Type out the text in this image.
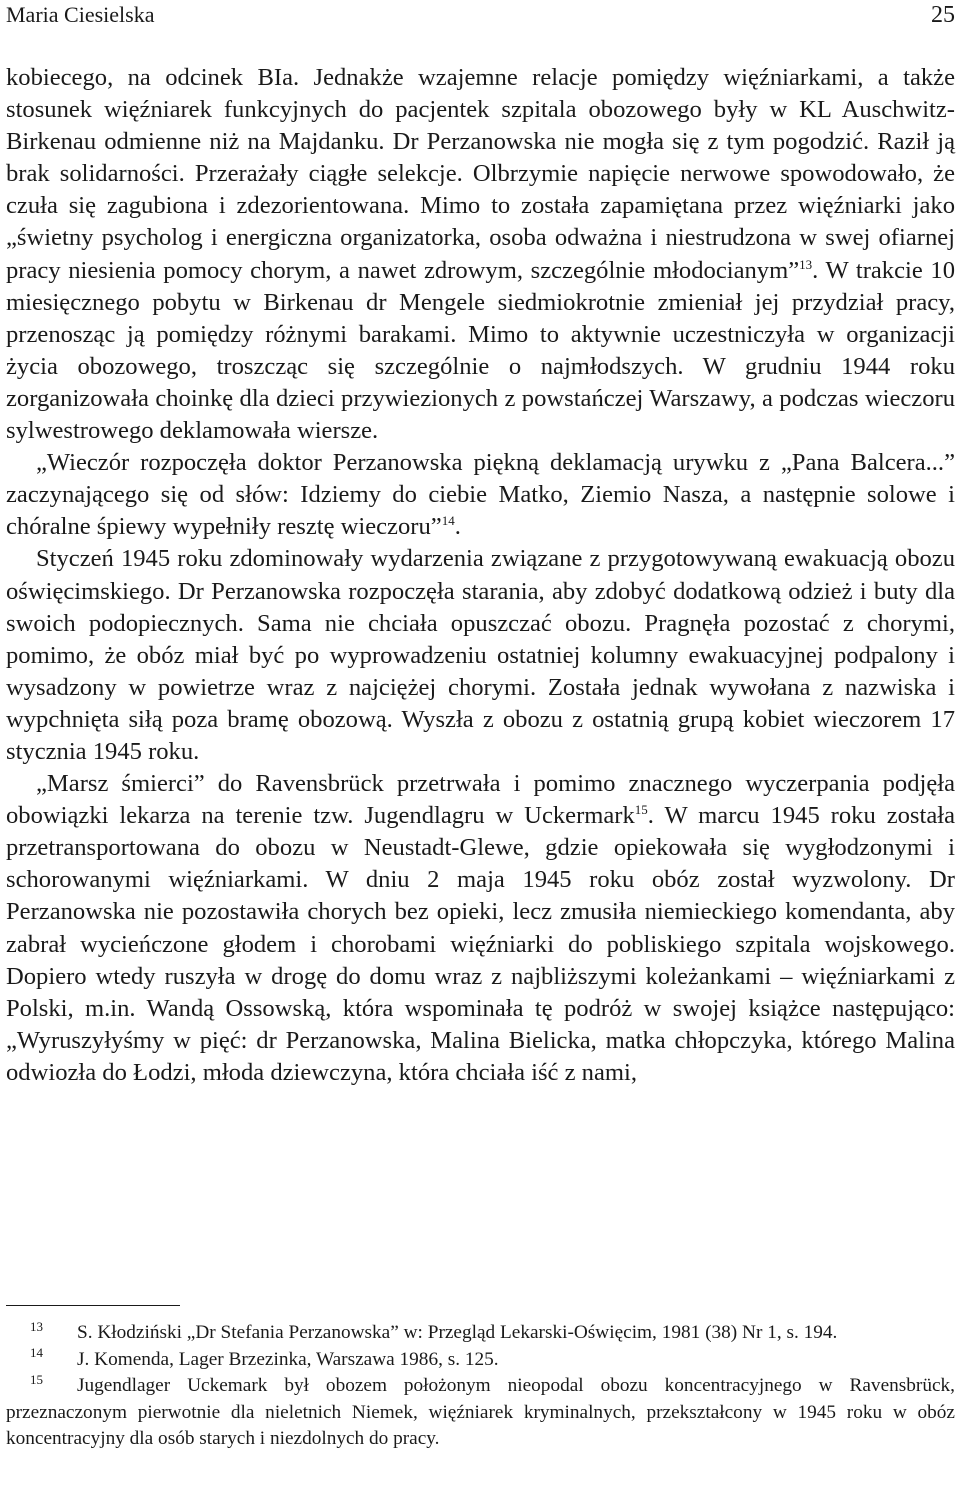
Maria Ciesielska	25

kobiecego, na odcinek BIa. Jednakże wzajemne relacje pomiędzy więźniarkami, a także stosunek więźniarek funkcyjnych do pacjentek szpitala obozowego były w KL Auschwitz-Birkenau odmienne niż na Majdanku. Dr Perzanowska nie mogła się z tym pogodzić. Raził ją brak solidarności. Przerażały ciągłe selekcje. Olbrzymie napięcie nerwowe spowodowało, że czuła się zagubiona i zdezorientowana. Mimo to została zapamiętana przez więźniarki jako „świetny psycholog i energiczna organizatorka, osoba odważna i niestrudzona w swej ofiarnej pracy niesienia pomocy chorym, a nawet zdrowym, szczególnie młodocianym”$^{13}$. W trakcie 10 miesięcznego pobytu w Birkenau dr Mengele siedmiokrotnie zmieniał jej przydział pracy, przenosząc ją pomiędzy różnymi barakami. Mimo to aktywnie uczestniczyła w organizacji życia obozowego, troszcząc się szczególnie o najmłodszych. W grudniu 1944 roku zorganizowała choinkę dla dzieci przywiezionych z powstańczej Warszawy, a podczas wieczoru sylwestrowego deklamowała wiersze.

„Wieczór rozpoczęła doktor Perzanowska piękną deklamacją urywku z „Pana Balcera...” zaczynającego się od słów: Idziemy do ciebie Matko, Ziemio Nasza, a następnie solowe i chóralne śpiewy wypełniły resztę wieczoru”$^{14}$.

Styczeń 1945 roku zdominowały wydarzenia związane z przygotowywaną ewakuacją obozu oświęcimskiego. Dr Perzanowska rozpoczęła starania, aby zdobyć dodatkową odzież i buty dla swoich podopiecznych. Sama nie chciała opuszczać obozu. Pragnęła pozostać z chorymi, pomimo, że obóz miał być po wyprowadzeniu ostatniej kolumny ewakuacyjnej podpalony i wysadzony w powietrze wraz z najciężej chorymi. Została jednak wywołana z nazwiska i wypchnięta siłą poza bramę obozową. Wyszła z obozu z ostatnią grupą kobiet wieczorem 17 stycznia 1945 roku.

„Marsz śmierci” do Ravensbrück przetrwała i pomimo znacznego wyczerpania podjęła obowiązki lekarza na terenie tzw. Jugendlagru w Uckermark$^{15}$. W marcu 1945 roku została przetransportowana do obozu w Neustadt-Glewe, gdzie opiekowała się wygłodzonymi i schorowanymi więźniarkami. W dniu 2 maja 1945 roku obóz został wyzwolony. Dr Perzanowska nie pozostawiła chorych bez opieki, lecz zmusiła niemieckiego komendanta, aby zabrał wycieńczone głodem i chorobami więźniarki do pobliskiego szpitala wojskowego. Dopiero wtedy ruszyła w drogę do domu wraz z najbliższymi koleżankami – więźniarkami z Polski, m.in. Wandą Ossowską, która wspominała tę podróż w swojej książce następująco: „Wyruszyłyśmy w pięć: dr Perzanowska, Malina Bielicka, matka chłopczyka, którego Malina odwiozła do Łodzi, młoda dziewczyna, która chciała iść z nami,

13 S. Kłodziński „Dr Stefania Perzanowska” w: Przegląd Lekarski-Oświęcim, 1981 (38) Nr 1, s. 194.

14 J. Komenda, Lager Brzezinka, Warszawa 1986, s. 125.

15 Jugendlager Uckemark był obozem położonym nieopodal obozu koncentracyjnego w Ravensbrück, przeznaczonym pierwotnie dla nieletnich Niemek, więźniarek kryminalnych, przekształcony w 1945 roku w obóz koncentracyjny dla osób starych i niezdolnych do pracy.
